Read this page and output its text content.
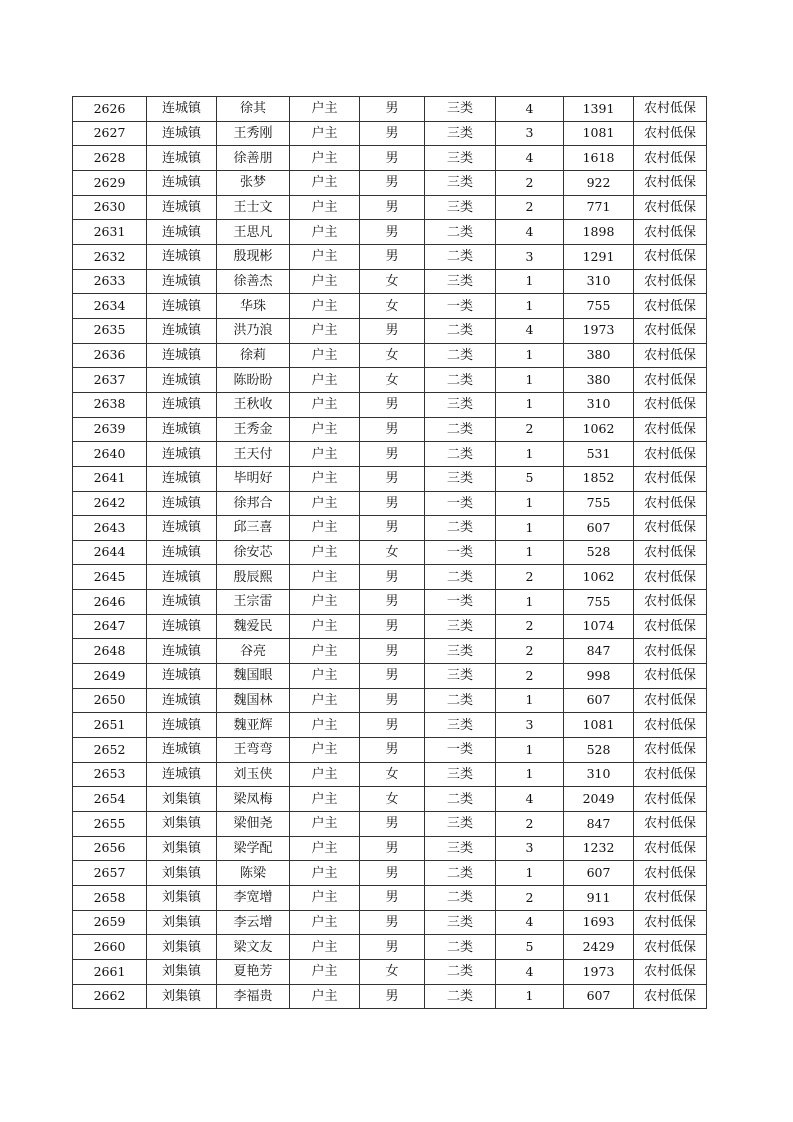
2626	连城镇	徐其	户主	男	三类	4	1391	农村低保
2627	连城镇	王秀刚	户主	男	三类	3	1081	农村低保
2628	连城镇	徐善朋	户主	男	三类	4	1618	农村低保
2629	连城镇	张梦	户主	男	三类	2	922	农村低保
2630	连城镇	王士文	户主	男	三类	2	771	农村低保
2631	连城镇	王思凡	户主	男	二类	4	1898	农村低保
2632	连城镇	殷现彬	户主	男	二类	3	1291	农村低保
2633	连城镇	徐善杰	户主	女	三类	1	310	农村低保
2634	连城镇	华珠	户主	女	一类	1	755	农村低保
2635	连城镇	洪乃浪	户主	男	二类	4	1973	农村低保
2636	连城镇	徐莉	户主	女	二类	1	380	农村低保
2637	连城镇	陈盼盼	户主	女	二类	1	380	农村低保
2638	连城镇	王秋收	户主	男	三类	1	310	农村低保
2639	连城镇	王秀金	户主	男	二类	2	1062	农村低保
2640	连城镇	王天付	户主	男	二类	1	531	农村低保
2641	连城镇	毕明好	户主	男	三类	5	1852	农村低保
2642	连城镇	徐邦合	户主	男	一类	1	755	农村低保
2643	连城镇	邱三喜	户主	男	二类	1	607	农村低保
2644	连城镇	徐安芯	户主	女	一类	1	528	农村低保
2645	连城镇	殷辰熙	户主	男	二类	2	1062	农村低保
2646	连城镇	王宗雷	户主	男	一类	1	755	农村低保
2647	连城镇	魏爱民	户主	男	三类	2	1074	农村低保
2648	连城镇	谷亮	户主	男	三类	2	847	农村低保
2649	连城镇	魏国眼	户主	男	三类	2	998	农村低保
2650	连城镇	魏国林	户主	男	二类	1	607	农村低保
2651	连城镇	魏亚辉	户主	男	三类	3	1081	农村低保
2652	连城镇	王弯弯	户主	男	一类	1	528	农村低保
2653	连城镇	刘玉侠	户主	女	三类	1	310	农村低保
2654	刘集镇	梁凤梅	户主	女	二类	4	2049	农村低保
2655	刘集镇	梁佃尧	户主	男	三类	2	847	农村低保
2656	刘集镇	梁学配	户主	男	三类	3	1232	农村低保
2657	刘集镇	陈梁	户主	男	二类	1	607	农村低保
2658	刘集镇	李宽增	户主	男	二类	2	911	农村低保
2659	刘集镇	李云增	户主	男	三类	4	1693	农村低保
2660	刘集镇	梁文友	户主	男	二类	5	2429	农村低保
2661	刘集镇	夏艳芳	户主	女	二类	4	1973	农村低保
2662	刘集镇	李福贵	户主	男	二类	1	607	农村低保
